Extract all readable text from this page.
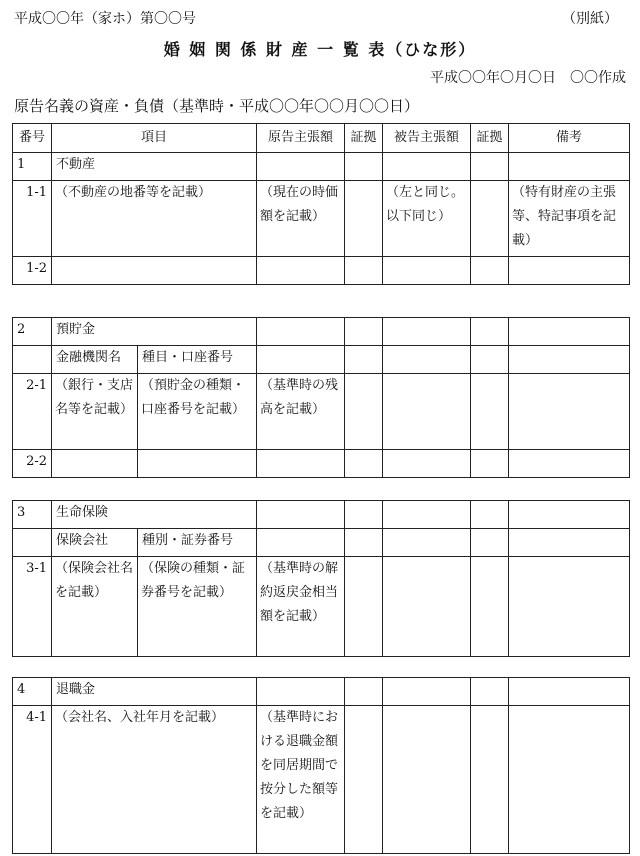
平成〇〇年（家ホ）第〇〇号	（別紙）
婚 姻 関 係 財 産 一 覧 表（ひな形）
平成〇〇年〇月〇日　〇〇作成
原告名義の資産・負債（基準時・平成〇〇年〇〇月〇〇日）
番号	項目	原告主張額	証拠	被告主張額	証拠	備考
1	不動産					
1-1	（不動産の地番等を記載）	（現在の時価額を記載）		（左と同じ。以下同じ）		（特有財産の主張等、特記事項を記載）
1-2						
2	預貯金						
	金融機関名	種目・口座番号					
2-1	（銀行・支店名等を記載）	（預貯金の種類・口座番号を記載）	（基準時の残高を記載）				
2-2							
3	生命保険						
	保険会社	種別・証券番号					
3-1	（保険会社名を記載）	（保険の種類・証券番号を記載）	（基準時の解約返戻金相当額を記載）				
4	退職金					
4-1	（会社名、入社年月を記載）	（基準時における退職金額を同居期間で按分した額等を記載）				
